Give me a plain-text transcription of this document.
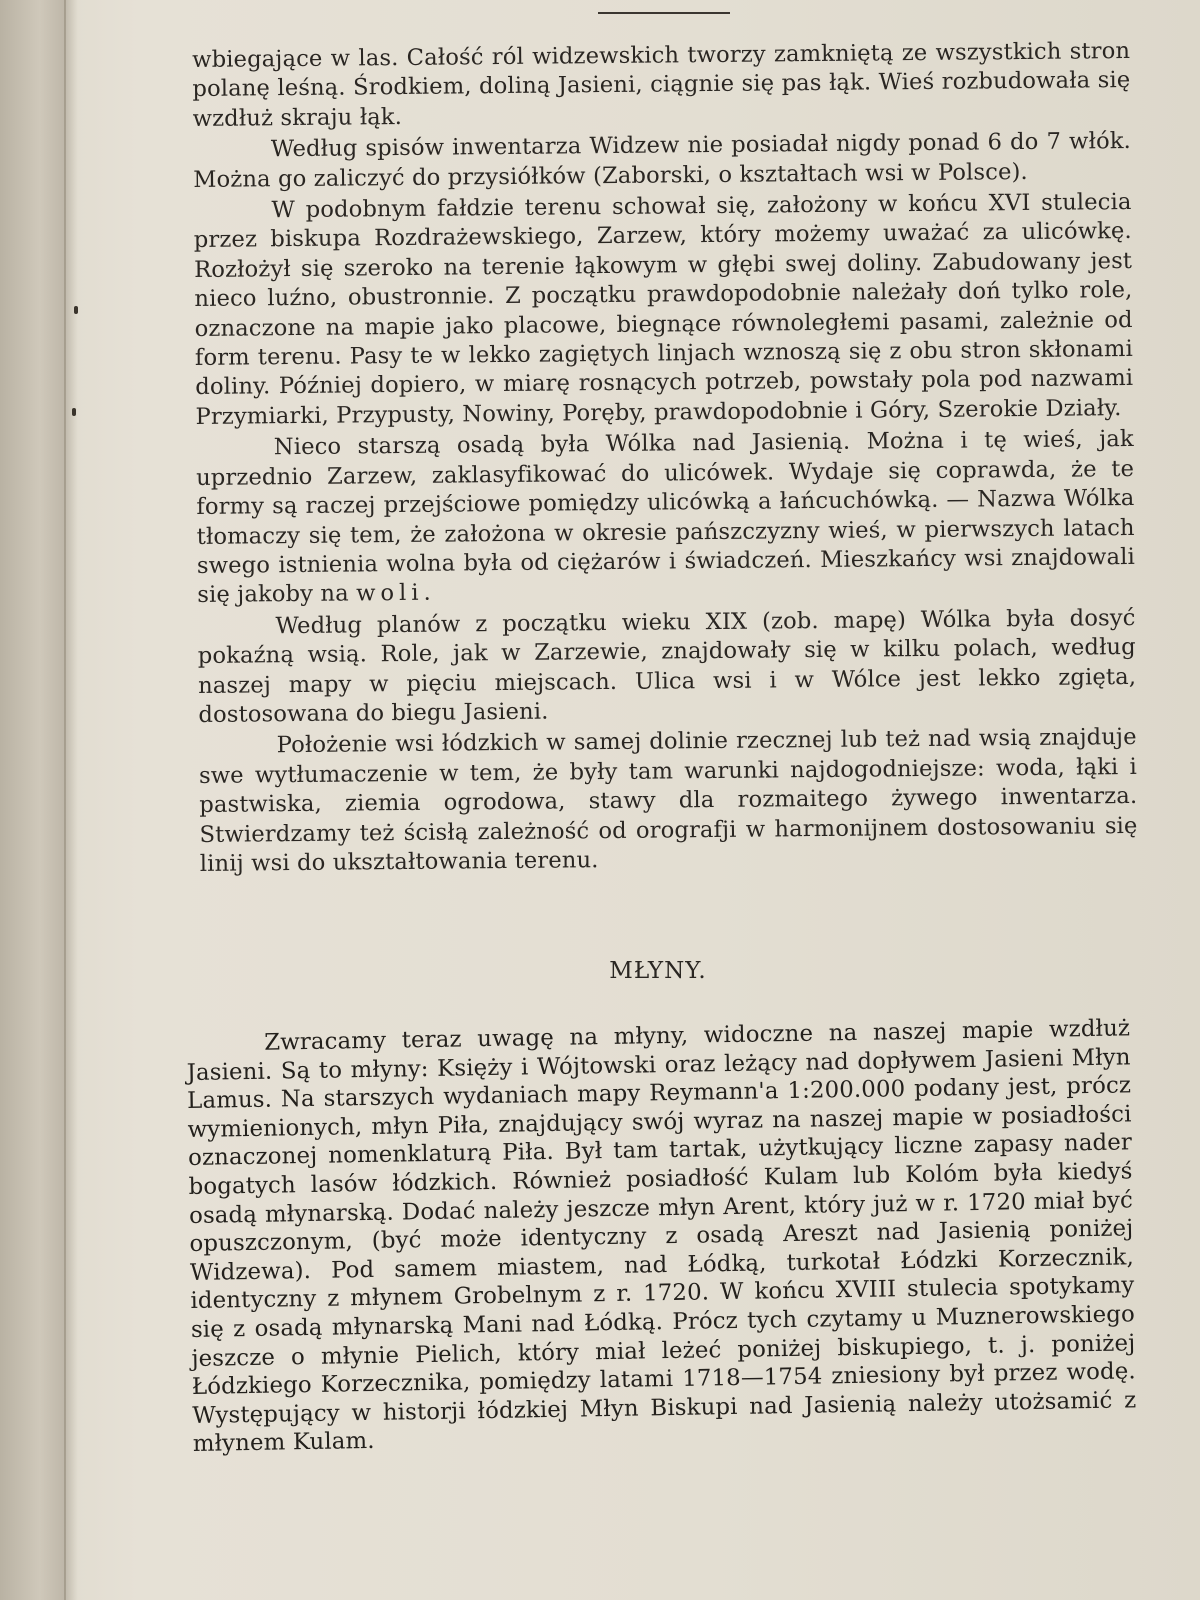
wbiegające w las. Całość ról widzewskich tworzy zamkniętą ze wszystkich stron polanę leśną. Środkiem, doliną Jasieni, ciągnie się pas łąk. Wieś rozbudowała się wzdłuż skraju łąk.

Według spisów inwentarza Widzew nie posiadał nigdy ponad 6 do 7 włók. Można go zaliczyć do przysiółków (Zaborski, o kształtach wsi w Polsce).

W podobnym fałdzie terenu schował się, założony w końcu XVI stulecia przez biskupa Rozdrażewskiego, Zarzew, który możemy uważać za ulicówkę. Rozłożył się szeroko na terenie łąkowym w głębi swej doliny. Zabudowany jest nieco luźno, obustronnie. Z początku prawdopodobnie należały doń tylko role, oznaczone na mapie jako placowe, biegnące równoległemi pasami, zależnie od form terenu. Pasy te w lekko zagiętych linjach wznoszą się z obu stron skłonami doliny. Później dopiero, w miarę rosnących potrzeb, powstały pola pod nazwami Przymiarki, Przypusty, Nowiny, Poręby, prawdopodobnie i Góry, Szerokie Działy.

Nieco starszą osadą była Wólka nad Jasienią. Można i tę wieś, jak uprzednio Zarzew, zaklasyfikować do ulicówek. Wydaje się coprawda, że te formy są raczej przejściowe pomiędzy ulicówką a łańcuchówką. — Nazwa Wólka tłomaczy się tem, że założona w okresie pańszczyzny wieś, w pierwszych latach swego istnienia wolna była od ciężarów i świadczeń. Mieszkańcy wsi znajdowali się jakoby na woli.

Według planów z początku wieku XIX (zob. mapę) Wólka była dosyć pokaźną wsią. Role, jak w Zarzewie, znajdowały się w kilku polach, według naszej mapy w pięciu miejscach. Ulica wsi i w Wólce jest lekko zgięta, dostosowana do biegu Jasieni.

Położenie wsi łódzkich w samej dolinie rzecznej lub też nad wsią znajduje swe wytłumaczenie w tem, że były tam warunki najdogodniejsze: woda, łąki i pastwiska, ziemia ogrodowa, stawy dla rozmaitego żywego inwentarza. Stwierdzamy też ścisłą zależność od orografji w harmonijnem dostosowaniu się linij wsi do ukształtowania terenu.

MŁYNY.

Zwracamy teraz uwagę na młyny, widoczne na naszej mapie wzdłuż Jasieni. Są to młyny: Księży i Wójtowski oraz leżący nad dopływem Jasieni Młyn Lamus. Na starszych wydaniach mapy Reymann'a 1:200.000 podany jest, prócz wymienionych, młyn Piła, znajdujący swój wyraz na naszej mapie w posiadłości oznaczonej nomenklaturą Piła. Był tam tartak, użytkujący liczne zapasy nader bogatych lasów łódzkich. Również posiadłość Kulam lub Kolóm była kiedyś osadą młynarską. Dodać należy jeszcze młyn Arent, który już w r. 1720 miał być opuszczonym, (być może identyczny z osadą Areszt nad Jasienią poniżej Widzewa). Pod samem miastem, nad Łódką, turkotał Łódzki Korzecznik, identyczny z młynem Grobelnym z r. 1720. W końcu XVIII stulecia spotykamy się z osadą młynarską Mani nad Łódką. Prócz tych czytamy u Muznerowskiego jeszcze o młynie Pielich, który miał leżeć poniżej biskupiego, t. j. poniżej Łódzkiego Korzecznika, pomiędzy latami 1718—1754 zniesiony był przez wodę. Występujący w historji łódzkiej Młyn Biskupi nad Jasienią należy utożsamić z młynem Kulam.
